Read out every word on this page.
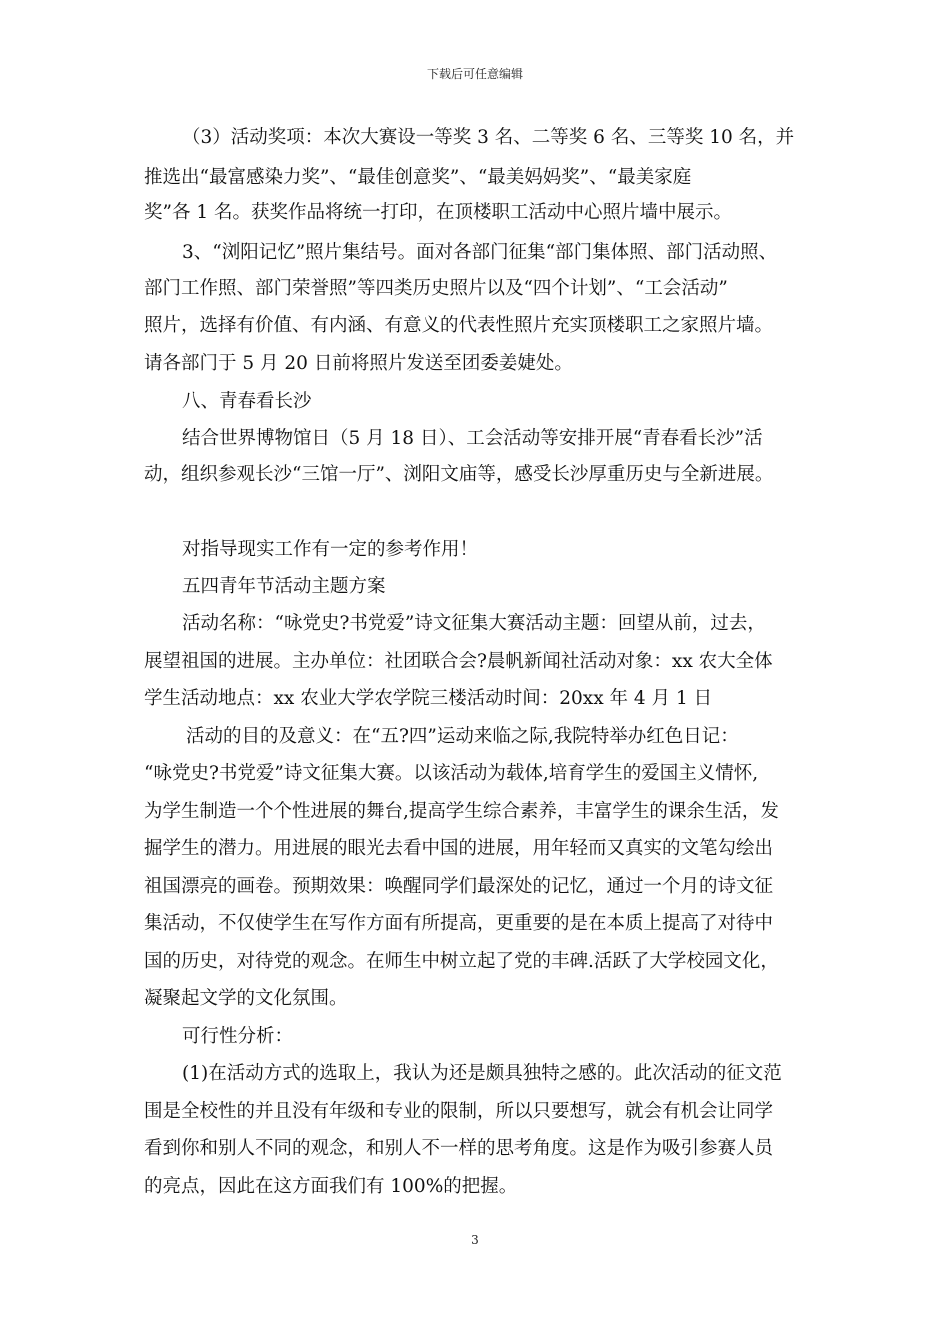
下载后可任意编辑
（3）活动奖项：本次大赛设一等奖 3 名、二等奖 6 名、三等奖 10 名，并
推选出“最富感染力奖”、“最佳创意奖”、“最美妈妈奖”、“最美家庭
奖”各 1 名。获奖作品将统一打印，在顶楼职工活动中心照片墙中展示。
3、“浏阳记忆”照片集结号。面对各部门征集“部门集体照、部门活动照、
部门工作照、部门荣誉照”等四类历史照片以及“四个计划”、“工会活动”
照片，选择有价值、有内涵、有意义的代表性照片充实顶楼职工之家照片墙。
请各部门于 5 月 20 日前将照片发送至团委姜婕处。
八、青春看长沙
结合世界博物馆日（5 月 18 日）、工会活动等安排开展“青春看长沙”活
动，组织参观长沙“三馆一厅”、浏阳文庙等，感受长沙厚重历史与全新进展。
对指导现实工作有一定的参考作用！
五四青年节活动主题方案
活动名称：“咏党史?书党爱”诗文征集大赛活动主题：回望从前，过去，
展望祖国的进展。主办单位：社团联合会?晨帆新闻社活动对象：xx 农大全体
学生活动地点：xx 农业大学农学院三楼活动时间：20xx 年 4 月 1 日
活动的目的及意义：在“五?四”运动来临之际,我院特举办红色日记：
“咏党史?书党爱”诗文征集大赛。以该活动为载体,培育学生的爱国主义情怀,
为学生制造一个个性进展的舞台,提高学生综合素养，丰富学生的课余生活，发
掘学生的潜力。用进展的眼光去看中国的进展，用年轻而又真实的文笔勾绘出
祖国漂亮的画卷。预期效果：唤醒同学们最深处的记忆，通过一个月的诗文征
集活动，不仅使学生在写作方面有所提高，更重要的是在本质上提高了对待中
国的历史，对待党的观念。在师生中树立起了党的丰碑.活跃了大学校园文化，
凝聚起文学的文化氛围。
可行性分析：
(1)在活动方式的选取上，我认为还是颇具独特之感的。此次活动的征文范
围是全校性的并且没有年级和专业的限制，所以只要想写，就会有机会让同学
看到你和别人不同的观念，和别人不一样的思考角度。这是作为吸引参赛人员
的亮点，因此在这方面我们有 100%的把握。
3
